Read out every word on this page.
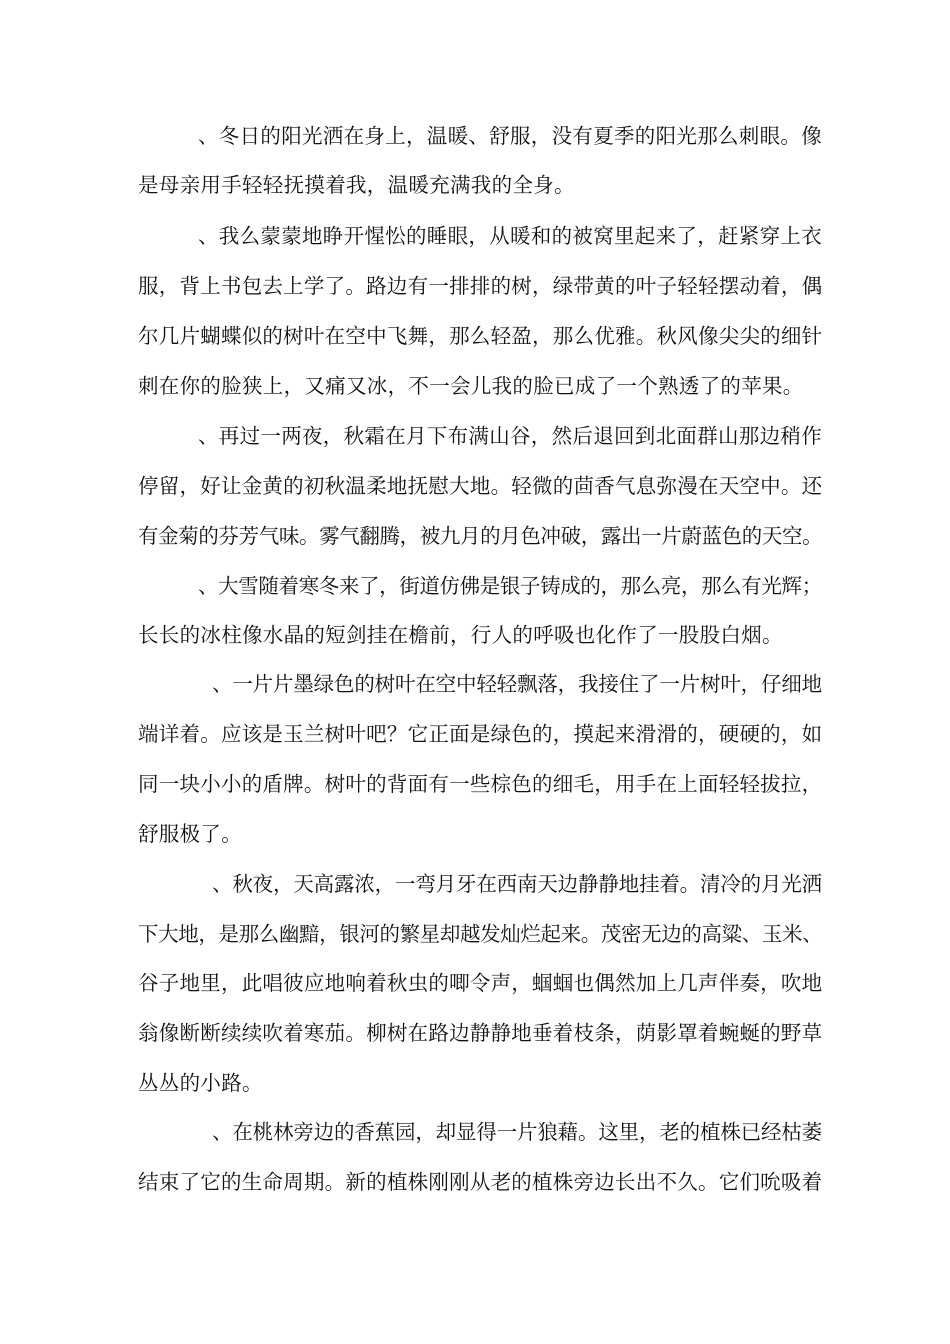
、冬日的阳光洒在身上，温暖、舒服，没有夏季的阳光那么刺眼。像
是母亲用手轻轻抚摸着我，温暖充满我的全身。
、我么蒙蒙地睁开惺忪的睡眼，从暖和的被窝里起来了，赶紧穿上衣
服，背上书包去上学了。路边有一排排的树，绿带黄的叶子轻轻摆动着，偶
尔几片蝴蝶似的树叶在空中飞舞，那么轻盈，那么优雅。秋风像尖尖的细针
刺在你的脸狭上，又痛又冰，不一会儿我的脸已成了一个熟透了的苹果。
、再过一两夜，秋霜在月下布满山谷，然后退回到北面群山那边稍作
停留，好让金黄的初秋温柔地抚慰大地。轻微的茴香气息弥漫在天空中。还
有金菊的芬芳气味。雾气翻腾，被九月的月色冲破，露出一片蔚蓝色的天空。
、大雪随着寒冬来了，街道仿佛是银子铸成的，那么亮，那么有光辉；
长长的冰柱像水晶的短剑挂在檐前，行人的呼吸也化作了一股股白烟。
、一片片墨绿色的树叶在空中轻轻飘落，我接住了一片树叶，仔细地
端详着。应该是玉兰树叶吧？它正面是绿色的，摸起来滑滑的，硬硬的，如
同一块小小的盾牌。树叶的背面有一些棕色的细毛，用手在上面轻轻拔拉，
舒服极了。
、秋夜，天高露浓，一弯月牙在西南天边静静地挂着。清冷的月光洒
下大地，是那么幽黯，银河的繁星却越发灿烂起来。茂密无边的高粱、玉米、
谷子地里，此唱彼应地响着秋虫的唧令声，蝈蝈也偶然加上几声伴奏，吹地
翁像断断续续吹着寒茄。柳树在路边静静地垂着枝条，荫影罩着蜿蜒的野草
丛丛的小路。
、在桃林旁边的香蕉园，却显得一片狼藉。这里，老的植株已经枯萎
结束了它的生命周期。新的植株刚刚从老的植株旁边长出不久。它们吮吸着
